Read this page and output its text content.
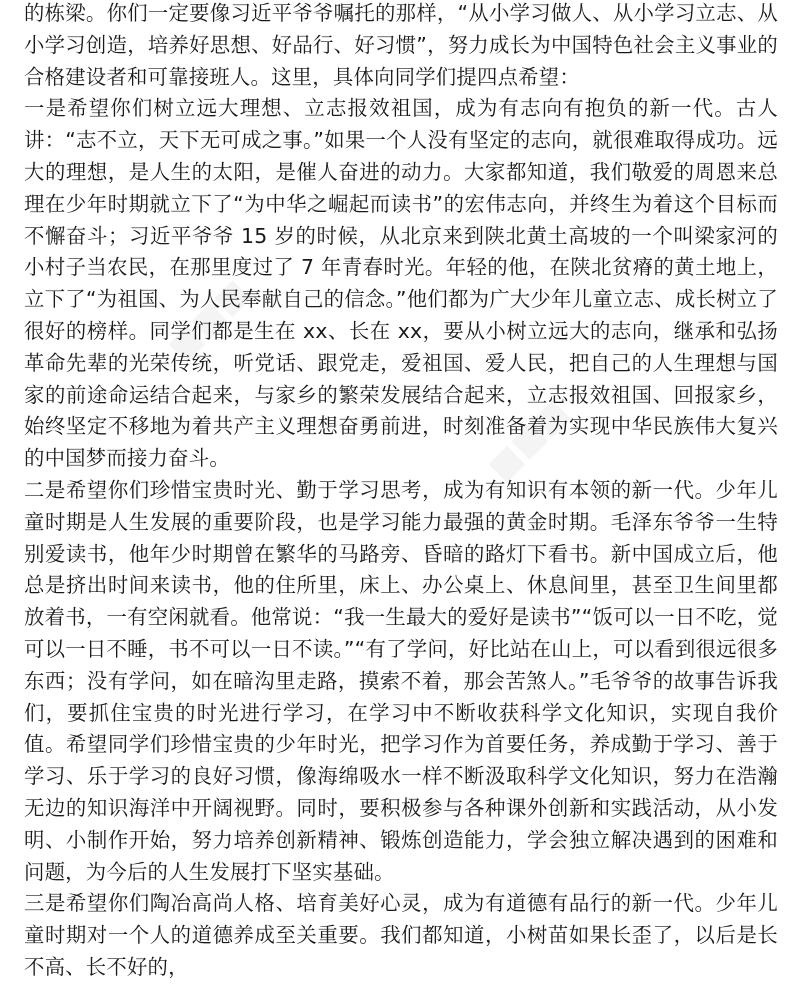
的栋梁。你们一定要像习近平爷爷嘱托的那样，“从小学习做人、从小学习立志、从小学习创造，培养好思想、好品行、好习惯”，努力成长为中国特色社会主义事业的合格建设者和可靠接班人。这里，具体向同学们提四点希望：

一是希望你们树立远大理想、立志报效祖国，成为有志向有抱负的新一代。古人讲：“志不立，天下无可成之事。”如果一个人没有坚定的志向，就很难取得成功。远大的理想，是人生的太阳，是催人奋进的动力。大家都知道，我们敬爱的周恩来总理在少年时期就立下了“为中华之崛起而读书”的宏伟志向，并终生为着这个目标而不懈奋斗；习近平爷爷 15 岁的时候，从北京来到陕北黄土高坡的一个叫梁家河的小村子当农民，在那里度过了 7 年青春时光。年轻的他，在陕北贫瘠的黄土地上，立下了“为祖国、为人民奉献自己的信念。”他们都为广大少年儿童立志、成长树立了很好的榜样。同学们都是生在 xx、长在 xx，要从小树立远大的志向，继承和弘扬革命先辈的光荣传统，听党话、跟党走，爱祖国、爱人民，把自己的人生理想与国家的前途命运结合起来，与家乡的繁荣发展结合起来，立志报效祖国、回报家乡，始终坚定不移地为着共产主义理想奋勇前进，时刻准备着为实现中华民族伟大复兴的中国梦而接力奋斗。

二是希望你们珍惜宝贵时光、勤于学习思考，成为有知识有本领的新一代。少年儿童时期是人生发展的重要阶段，也是学习能力最强的黄金时期。毛泽东爷爷一生特别爱读书，他年少时期曾在繁华的马路旁、昏暗的路灯下看书。新中国成立后，他总是挤出时间来读书，他的住所里，床上、办公桌上、休息间里，甚至卫生间里都放着书，一有空闲就看。他常说：“我一生最大的爱好是读书”“饭可以一日不吃，觉可以一日不睡，书不可以一日不读。”“有了学问，好比站在山上，可以看到很远很多东西；没有学问，如在暗沟里走路，摸索不着，那会苦煞人。”毛爷爷的故事告诉我们，要抓住宝贵的时光进行学习，在学习中不断收获科学文化知识，实现自我价值。希望同学们珍惜宝贵的少年时光，把学习作为首要任务，养成勤于学习、善于学习、乐于学习的良好习惯，像海绵吸水一样不断汲取科学文化知识，努力在浩瀚无边的知识海洋中开阔视野。同时，要积极参与各种课外创新和实践活动，从小发明、小制作开始，努力培养创新精神、锻炼创造能力，学会独立解决遇到的困难和问题，为今后的人生发展打下坚实基础。

三是希望你们陶冶高尚人格、培育美好心灵，成为有道德有品行的新一代。少年儿童时期对一个人的道德养成至关重要。我们都知道，小树苗如果长歪了，以后是长不高、长不好的，
